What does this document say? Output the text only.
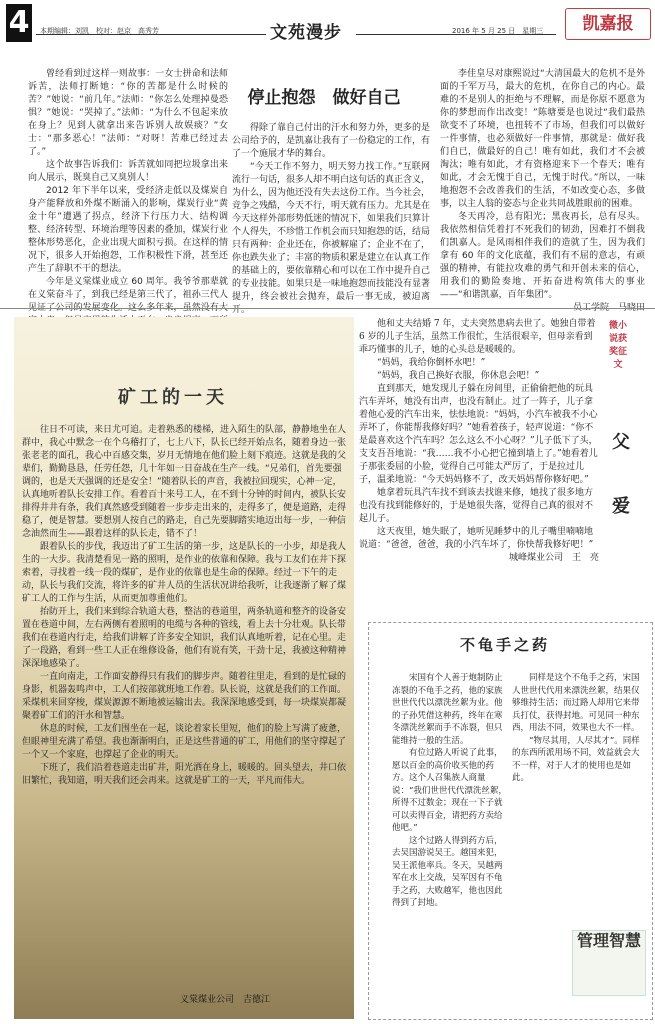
4	本期编辑：刘凯　校对：赵京　高秀芳	文苑漫步	2016 年 5 月 25 日　星期三	凯嘉报
停止抱怨　做好自己

曾经看到过这样一则故事：一女士拼命和法师诉苦，法师打断她：“你的苦都是什么时候的苦？”她说：“前几年。”法师：“你怎么处理掉曼恐惧？”她说：“哭掉了。”法师：“为什么不包起来放在身上？见到人就拿出来告诉别人故娱痰？”女士：“那多恶心！”法师：“对呀！苦难已经过去了。”

这个故事告诉我们：诉苦就如同把垃圾拿出来向人展示，既臭自己又臭别人！

2012 年下半年以来，受经济走低以及煤炭自身产能释放和外煤不断涌入的影响，煤炭行业“黄金十年”遭遇了拐点，经济下行压力大、结构调整、经济转型、环境治理等因素的叠加，煤炭行业整体形势恶化，企业出现大面积亏损。在这样的情况下，很多人开始抱怨，工作积极性下滑，甚至还产生了辞职不干的想法。

今年是义棠煤业成立 60 周年。我爷爷那辈就在义棠奋斗了，到我已经是第三代了，祖孙三代人见证了公司的发展变化。这么多年来，虽然没有大

得除了靠自己付出的汗水和努力外，更多的是公司给予的，是凯嘉让我有了一份稳定的工作，有了一个施展才华的舞台。

“今天工作不努力，明天努力找工作。”互联网流行一句话，很多人却不明白这句话的真正含义，为什么，因为他还没有失去这份工作。当今社会，竞争之残酷，今天不行，明天就有压力。尤其是在今天这样外部形势低迷的情况下，如果我们只算计个人得失，不珍惜工作机会而只知抱怨的话，结局只有两种：企业还在，你被解雇了；企业不在了，你也跌失业了；丰富的物质积累是建立在认真工作的基础上的，要依靠精心和可以在工作中提升自己的专业技能。如果只是一味地抱怨而技能没有显著提升，终会被社会抛弃，最后一事无成，被迫离开。

李佳皇尽对康熙说过“大清国最大的危机不是外面的千军万马，最大的危机，在你自己的内心。最难的不是别人的拒绝与不理解，而是你原不愿意为你的梦想而作出改变！”陈塘要是也说过“我们最热欲变不了环境，也扭转不了市场，但我们可以做好一件事情，也必须做好一件事情，那就是：做好我们自已，做最好的自己！唯有如此，我们才不会被淘汰；唯有如此，才有资格迎来下一个春天；唯有如此，才会无愧于自己，无愧于时代。”所以，一味地抱怨不会改善我们的生活，不如改变心态，多做事，以主人翁的姿态与企业共同战胜眼前的困难。

冬天再冷，总有阳光；黑夜再长，总有尽头。我依然相信凭着打不死我们的韧劲，因难打不倒我们凯嘉人。是风雨相伴我们的造就了生，因为我们拿有 60 年的文化底蕴，我们有不屈的意志，有顽强的精神，有能拉攻难的勇气和开创未来的信心，用我们的勤险奏地、开拓奋进构筑伟大的事业——“和谐凯嘉，百年集团”。

员工学院　马晓田
矿工的一天

往日不可读，来日尤可追。走着熟悉的楼梯，进入陌生的队部，静静地坐在人群中，我心中默念一在个乌稽打了，七上八下，队长已经开始点名，随着身边一张张老老的面孔，我心中百感交集，岁月无情地在他们脸上刻下痕迹。这就是我的父辈们，勤勤恳恳，任劳任怨，几十年如一日奋战在生产一线。“兄弟们，首先要强调的，也是天天强调的还是安全！”随着队长的声音，我被拉回现实，心神一定，认真地听着队长安排工作。看着百十来号工人，在不到十分钟的时间内，被队长安排得井井有条，我们真然感受到随着一步步走出来的，走得多了，便是道路，走得稳了，便是智慧。要想别人按自己的路走，自己先要脚踏实地迈出每一步，一种信念油然而生——跟着这样的队长走，错不了！

跟着队长的步伐，我迈出了矿工生活的第一步，这是队长的一小步，却是我人生的一大步。我清楚看见一路的照明，是作业的依靠和保障。我与工友们在井下探索着，寻找着一线一段的煤矿，是作业的依靠也是生命的保障。经过一下午的走动，队长与我们交流，将许多的矿井人员的生活状况讲给我听，让我逐渐了解了煤矿工人的工作与生活，从而更加尊重他们。

抬防开上，我们来到综合轨道大巷，整洁的巷道里，两条轨道和整齐的设备安置在巷道中间，左右两侧有着照明的电缆与各种的管线，看上去十分壮观。队长带我们在巷道内行走，给我们讲解了许多安全知识，我们认真地听着，记在心里。走了一段路，看到一些工人正在维修设备，他们有说有笑，干劲十足，我被这种精神深深地感染了。

一直向南走，工作面安静得只有我们的脚步声。随着往里走，看到的是忙碌的身影，机器轰鸣声中，工人们按部就班地工作着。队长说，这就是我们的工作面。采煤机来回穿梭，煤炭源源不断地被运输出去。我深深地感受到，每一块煤炭都凝聚着矿工们的汗水和智慧。

休息的时候，工友们围坐在一起，谈论着家长里短，他们的脸上写满了疲惫，但眼神里充满了希望。我也渐渐明白，正是这些普通的矿工，用他们的坚守撑起了一个又一个家庭，也撑起了企业的明天。

下班了，我们沿着巷道走出矿井，阳光洒在身上，暖暖的。回头望去，井口依旧繁忙，我知道，明天我们还会再来。这就是矿工的一天，平凡而伟大。

义棠煤业公司　吉德江

他和丈夫结婚 7 年，丈夫突然患病去世了。她独自带着 6 岁的儿子生活，虽然工作很忙，生活很艰辛，但母亲看到乖巧懂事的儿子，她的心头总是暖暖的。

“妈妈，我给你倒杯水吧！”

“妈妈，我自己换好衣服，你休息会吧！”

直到那天，她发现儿子躲在房间里，正偷偷把他的玩具汽车弄坏，她没有出声，也没有制止。过了一阵子，儿子拿着他心爱的汽车出来，怯怯地说：“妈妈，小汽车被我不小心弄坏了，你能帮我修好吗？”她看着孩子，轻声说道：“你不是最喜欢这个汽车吗？怎么这么不小心呀？”儿子低下了头，支支吾吾地说：“我……我不小心把它撞到墙上了。”她看着儿子那张委屈的小脸，觉得自己可能太严厉了，于是拉过儿子，温柔地说：“今天妈妈修不了，改天妈妈帮你修好吧。”

她拿着玩具汽车找不到该去找谁来修，她找了很多地方也没有找到能修好的，于是她很失落，觉得自己真的很对不起儿子。

这天夜里，她失眠了，她听见睡梦中的儿子嘴里喃喃地说道：“爸爸，爸爸，我的小汽车坏了，你快帮我修好吧！”

城峰煤业公司　王　亮
微小说获奖征文
父
爱
不龟手之药

宋国有个人善于炮制防止冻裂的不龟手之药，他的家族世世代代以漂洗丝絮为业。他的子孙凭借这种药，终年在寒冬漂洗丝絮而手不冻裂，但只能维持一般的生活。

有位过路人听说了此事，愿以百金的高价收买他的药方。这个人召集族人商量说：“我们世世代代漂洗丝絮，所得不过数金；现在一下子就可以卖得百金，请把药方卖给他吧。”

这个过路人得到药方后，去吴国游说吴王。越国来犯，吴王派他率兵。冬天，吴越两军在水上交战，吴军因有不龟手之药，大败越军，他也因此得到了封地。

同样是这个不龟手之药，宋国人世世代代用来漂洗丝絮，结果仅够维持生活；而过路人却用它来带兵打仗，获得封地。可见同一种东西，用法不同，效果也大不一样。

“物尽其用，人尽其才”。同样的东西所派用场不同，效益就会大不一样，对于人才的使用也是如此。

管理智慧
